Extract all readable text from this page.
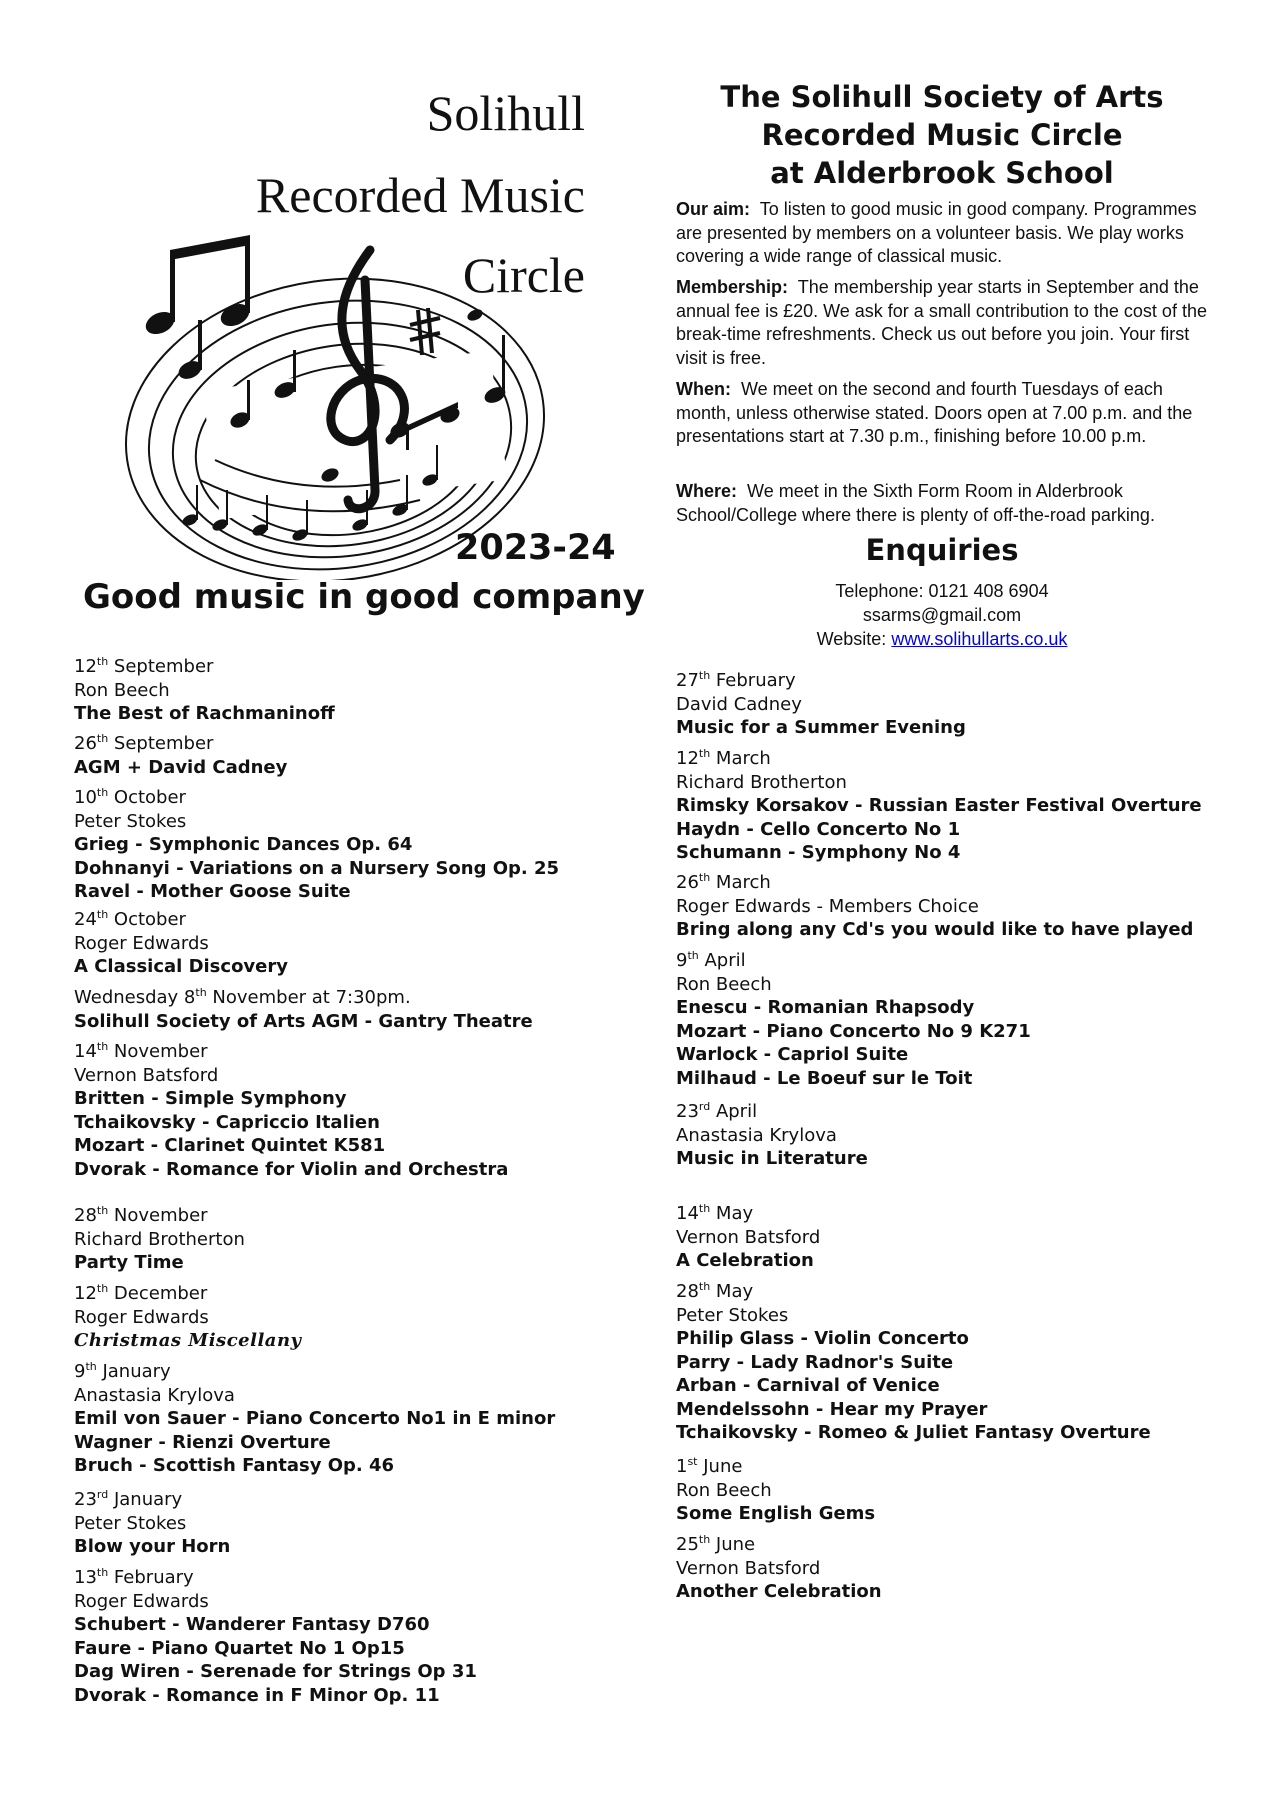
Solihull
Recorded Music
Circle
2023-24
Good music in good company
The Solihull Society of Arts
Recorded Music Circle
at Alderbrook School
Our aim: To listen to good music in good company. Programmes are presented by members on a volunteer basis. We play works covering a wide range of classical music.
Membership: The membership year starts in September and the annual fee is £20. We ask for a small contribution to the cost of the break-time refreshments. Check us out before you join. Your first visit is free.
When: We meet on the second and fourth Tuesdays of each month, unless otherwise stated. Doors open at 7.00 p.m. and the presentations start at 7.30 p.m., finishing before 10.00 p.m.
Where: We meet in the Sixth Form Room in Alderbrook School/College where there is plenty of off-the-road parking.
Enquiries
Telephone: 0121 408 6904
ssarms@gmail.com
Website: www.solihullarts.co.uk
12th September
Ron Beech
The Best of Rachmaninoff
26th September
AGM + David Cadney
10th October
Peter Stokes
Grieg - Symphonic Dances Op. 64
Dohnanyi - Variations on a Nursery Song Op. 25
Ravel - Mother Goose Suite
24th October
Roger Edwards
A Classical Discovery
Wednesday 8th November at 7:30pm.
Solihull Society of Arts AGM - Gantry Theatre
14th November
Vernon Batsford
Britten - Simple Symphony
Tchaikovsky - Capriccio Italien
Mozart - Clarinet Quintet K581
Dvorak - Romance for Violin and Orchestra
28th November
Richard Brotherton
Party Time
12th December
Roger Edwards
Christmas Miscellany
9th January
Anastasia Krylova
Emil von Sauer - Piano Concerto No1 in E minor
Wagner - Rienzi Overture
Bruch - Scottish Fantasy Op. 46
23rd January
Peter Stokes
Blow your Horn
13th February
Roger Edwards
Schubert - Wanderer Fantasy D760
Faure - Piano Quartet No 1 Op15
Dag Wiren - Serenade for Strings Op 31
Dvorak - Romance in F Minor Op. 11
27th February
David Cadney
Music for a Summer Evening
12th March
Richard Brotherton
Rimsky Korsakov - Russian Easter Festival Overture
Haydn - Cello Concerto No 1
Schumann - Symphony No 4
26th March
Roger Edwards - Members Choice
Bring along any Cd's you would like to have played
9th April
Ron Beech
Enescu - Romanian Rhapsody
Mozart - Piano Concerto No 9 K271
Warlock - Capriol Suite
Milhaud - Le Boeuf sur le Toit
23rd April
Anastasia Krylova
Music in Literature
14th May
Vernon Batsford
A Celebration
28th May
Peter Stokes
Philip Glass - Violin Concerto
Parry - Lady Radnor's Suite
Arban - Carnival of Venice
Mendelssohn - Hear my Prayer
Tchaikovsky - Romeo & Juliet Fantasy Overture
1st June
Ron Beech
Some English Gems
25th June
Vernon Batsford
Another Celebration
